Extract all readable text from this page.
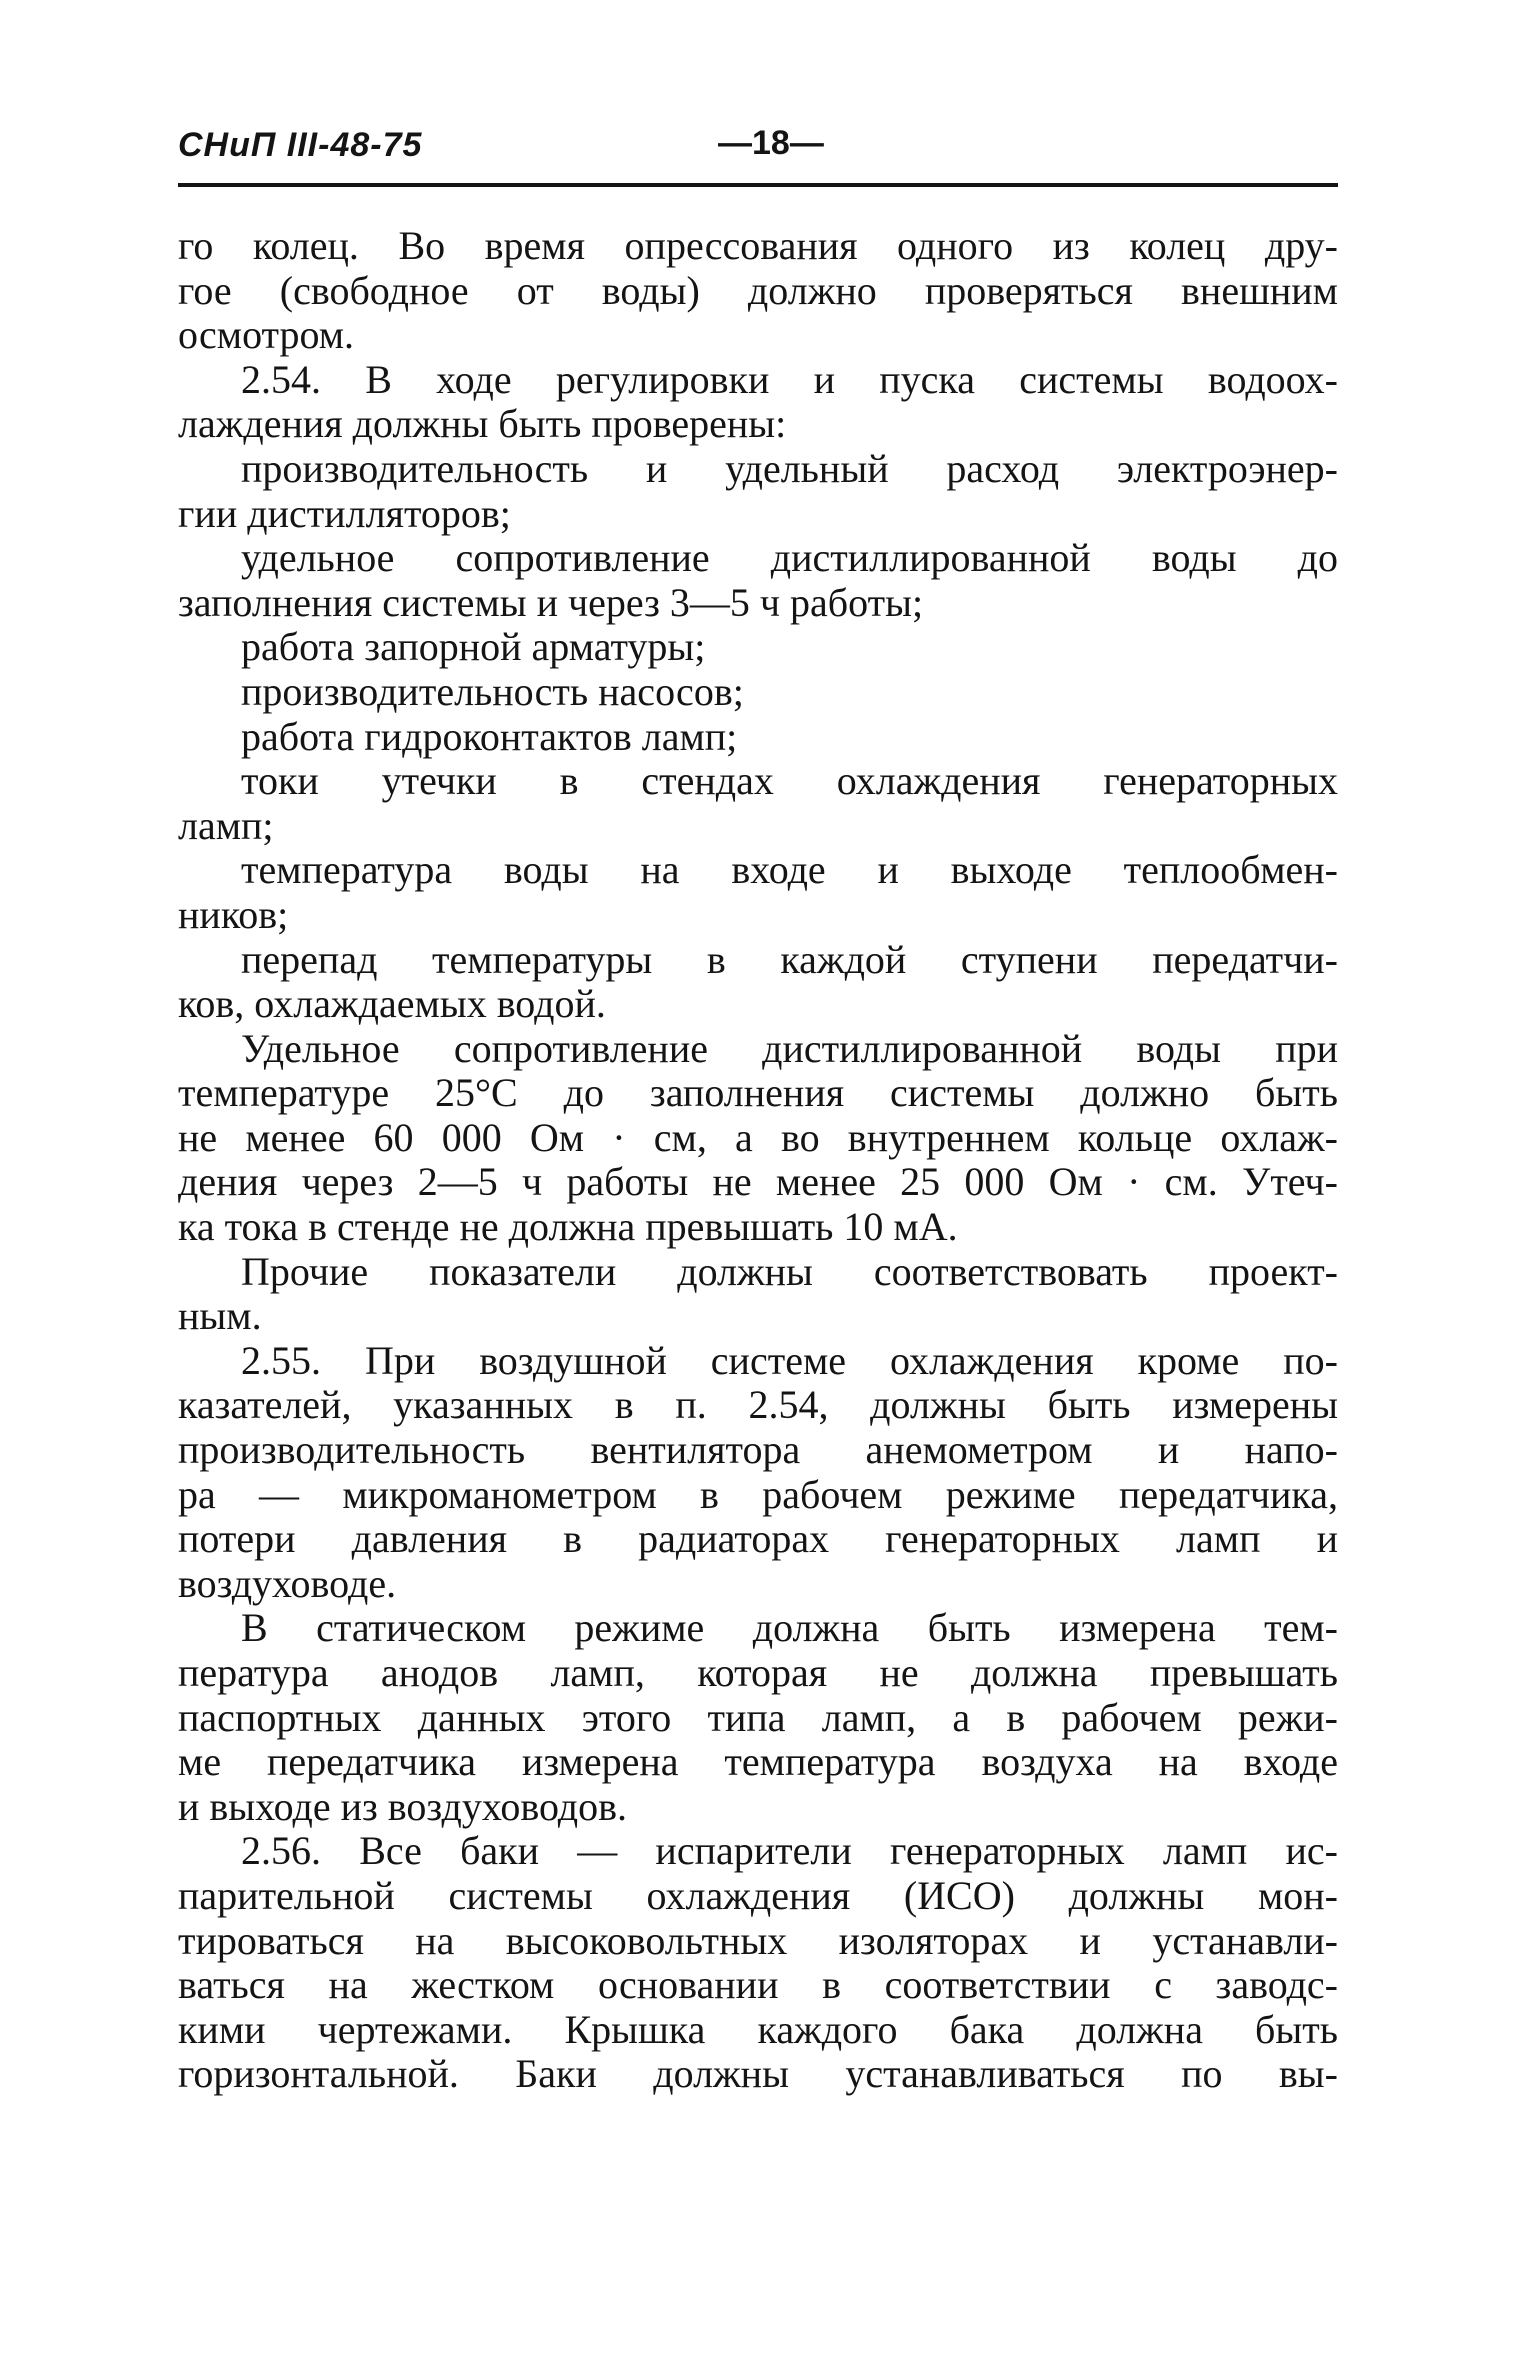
СНиП III-48-75	—18—
го колец. Во время опрессования одного из колец дру-
гое (свободное от воды) должно проверяться внешним
осмотром.
2.54. В ходе регулировки и пуска системы водоох-
лаждения должны быть проверены:
производительность и удельный расход электроэнер-
гии дистилляторов;
удельное сопротивление дистиллированной воды до
заполнения системы и через 3—5 ч работы;
работа запорной арматуры;
производительность насосов;
работа гидроконтактов ламп;
токи утечки в стендах охлаждения генераторных
ламп;
температура воды на входе и выходе теплообмен-
ников;
перепад температуры в каждой ступени передатчи-
ков, охлаждаемых водой.
Удельное сопротивление дистиллированной воды при
температуре 25°С до заполнения системы должно быть
не менее 60 000 Ом · см, а во внутреннем кольце охлаж-
дения через 2—5 ч работы не менее 25 000 Ом · см. Утеч-
ка тока в стенде не должна превышать 10 мА.
Прочие показатели должны соответствовать проект-
ным.
2.55. При воздушной системе охлаждения кроме по-
казателей, указанных в п. 2.54, должны быть измерены
производительность вентилятора анемометром и напо-
ра — микроманометром в рабочем режиме передатчика,
потери давления в радиаторах генераторных ламп и
воздуховоде.
В статическом режиме должна быть измерена тем-
пература анодов ламп, которая не должна превышать
паспортных данных этого типа ламп, а в рабочем режи-
ме передатчика измерена температура воздуха на входе
и выходе из воздуховодов.
2.56. Все баки — испарители генераторных ламп ис-
парительной системы охлаждения (ИСО) должны мон-
тироваться на высоковольтных изоляторах и устанавли-
ваться на жестком основании в соответствии с заводс-
кими чертежами. Крышка каждого бака должна быть
горизонтальной. Баки должны устанавливаться по вы-
